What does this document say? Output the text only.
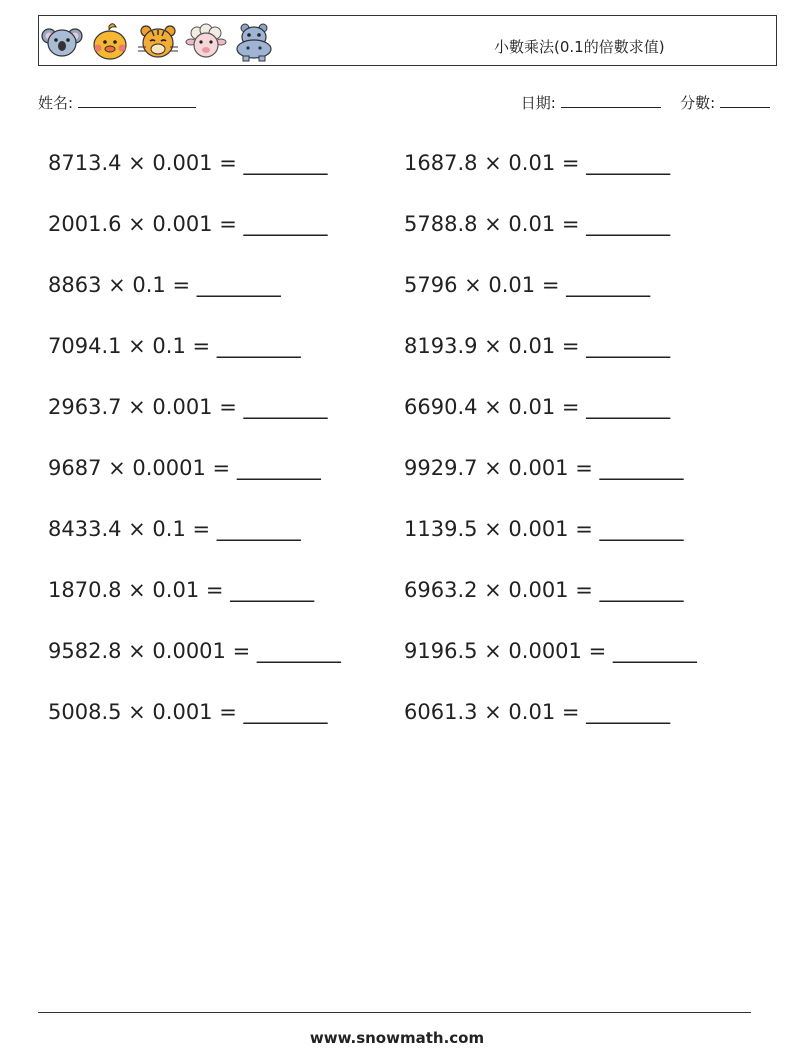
小數乘法(0.1的倍數求值)
姓名:	日期:	分數:
8713.4 × 0.001 = ________
2001.6 × 0.001 = ________
8863 × 0.1 = ________
7094.1 × 0.1 = ________
2963.7 × 0.001 = ________
9687 × 0.0001 = ________
8433.4 × 0.1 = ________
1870.8 × 0.01 = ________
9582.8 × 0.0001 = ________
5008.5 × 0.001 = ________
1687.8 × 0.01 = ________
5788.8 × 0.01 = ________
5796 × 0.01 = ________
8193.9 × 0.01 = ________
6690.4 × 0.01 = ________
9929.7 × 0.001 = ________
1139.5 × 0.001 = ________
6963.2 × 0.001 = ________
9196.5 × 0.0001 = ________
6061.3 × 0.01 = ________
www.snowmath.com
